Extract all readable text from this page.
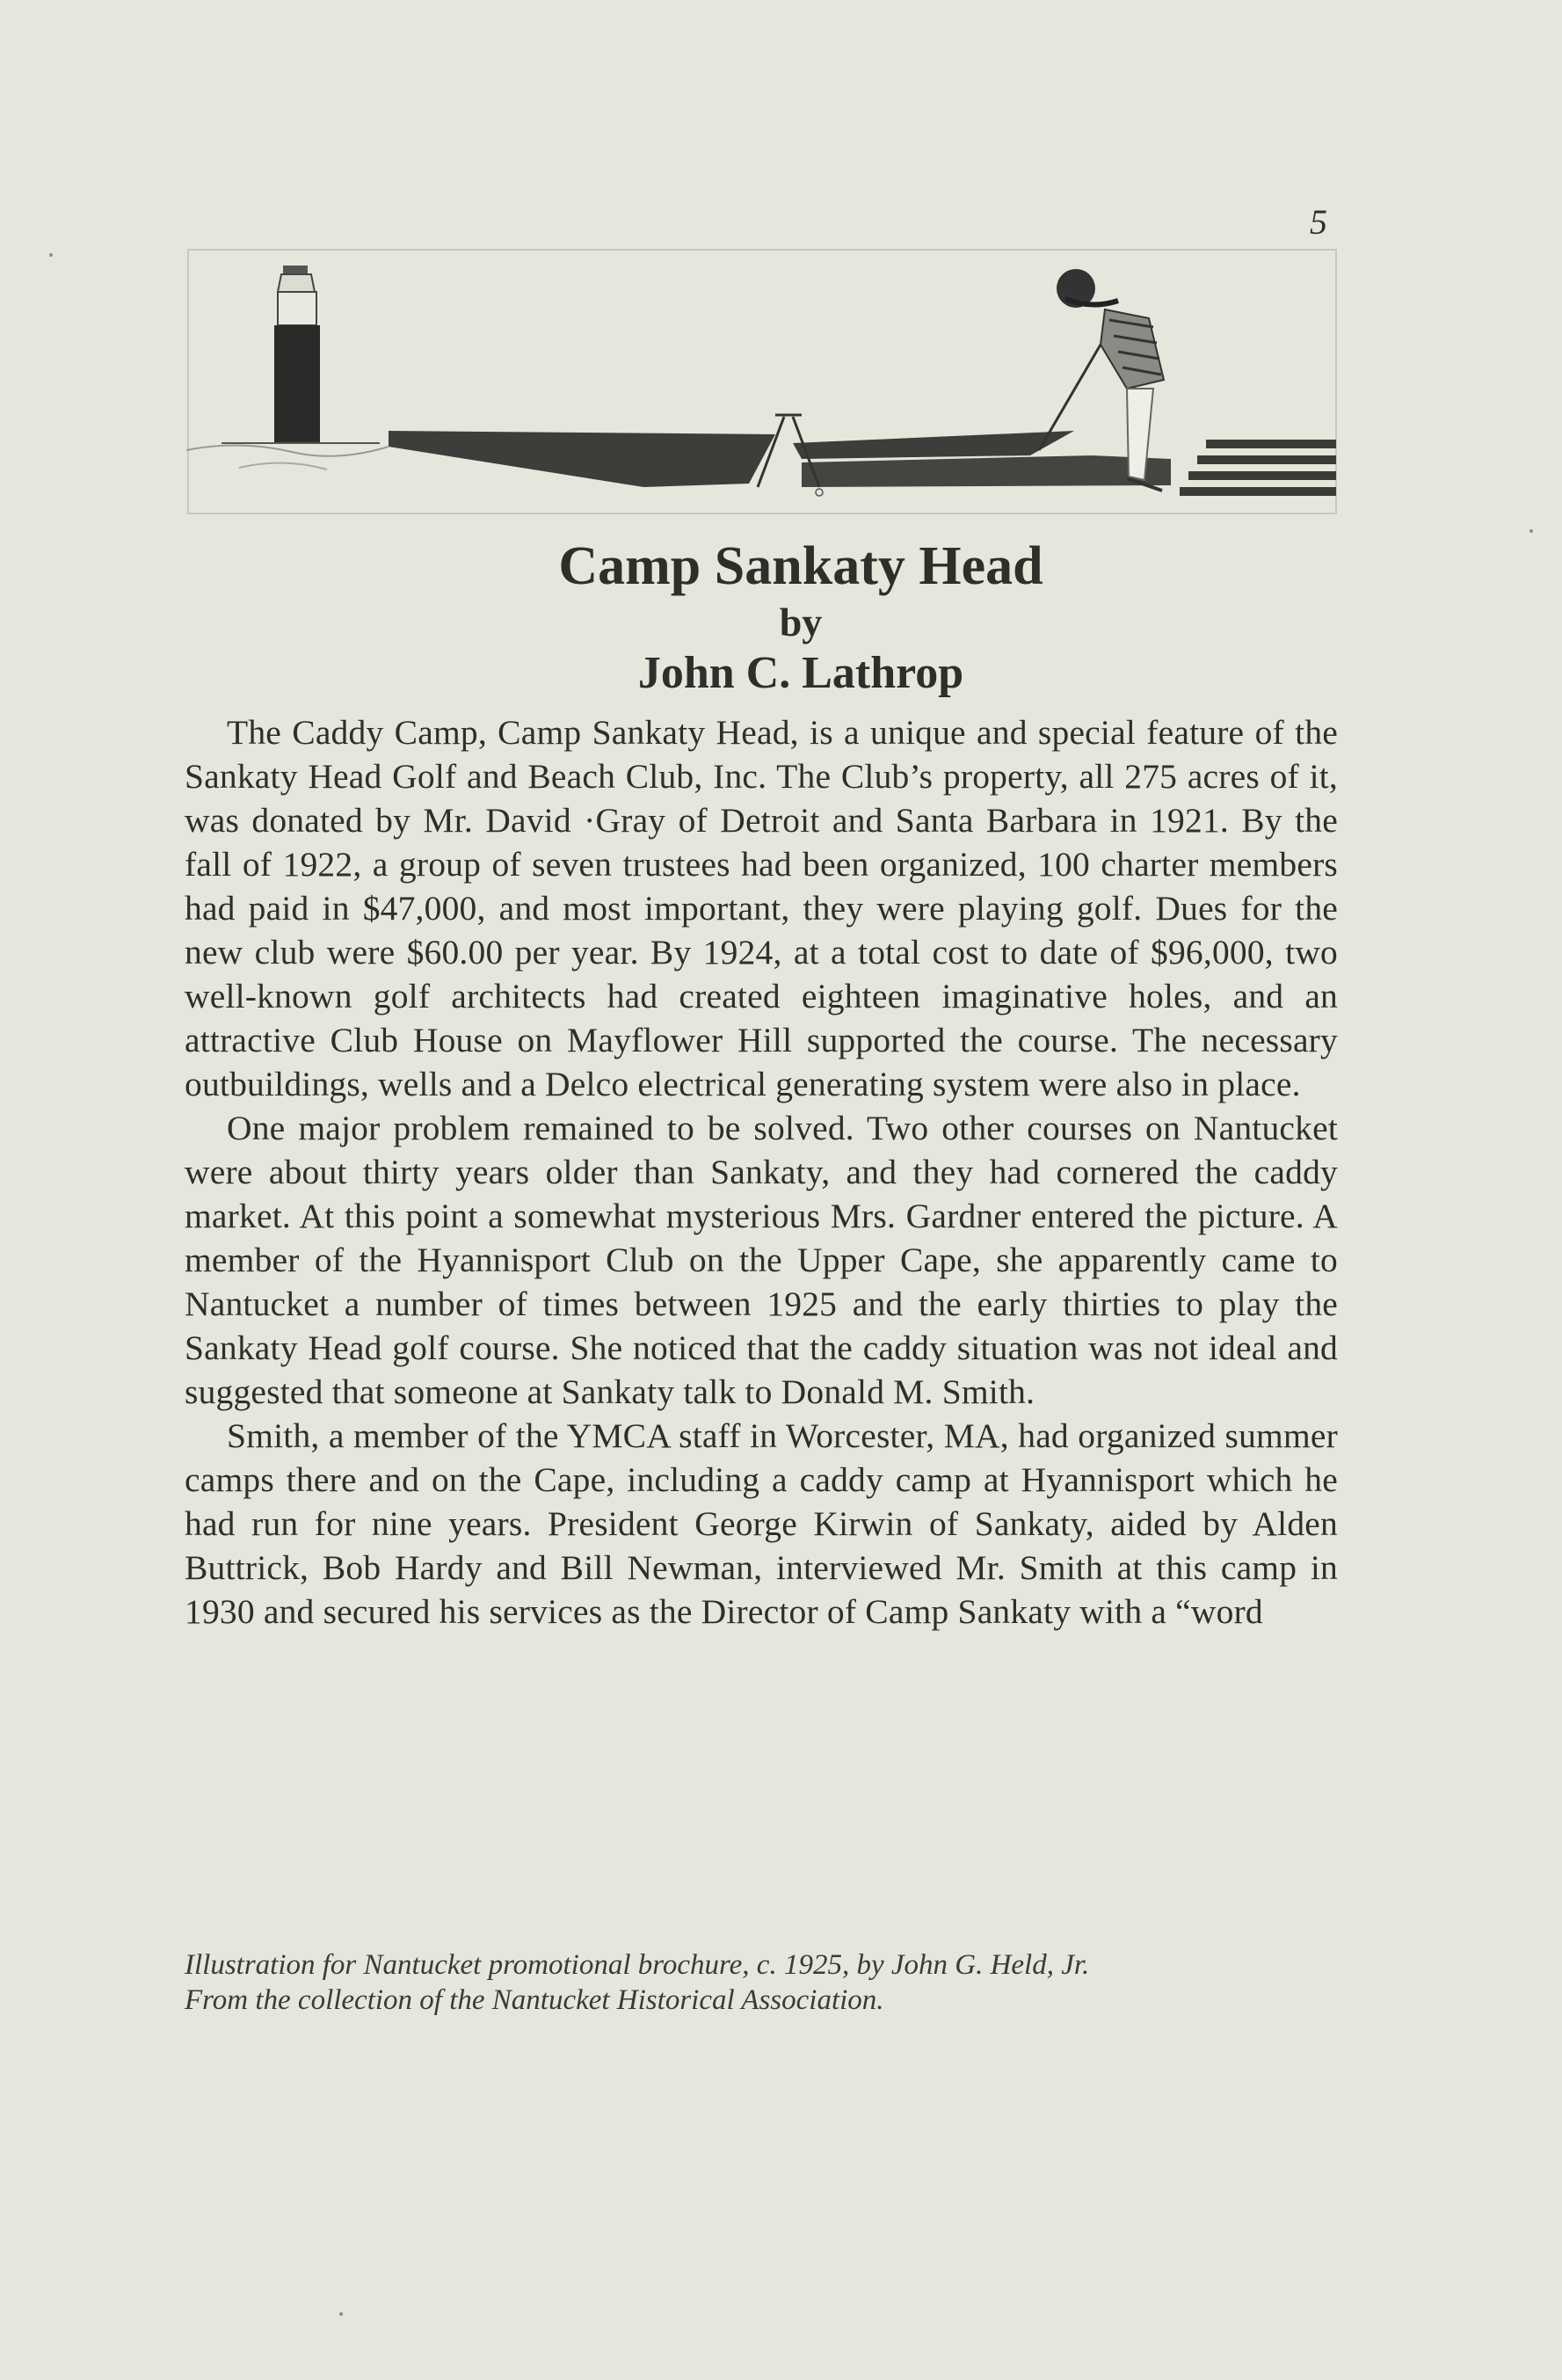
5
Camp Sankaty Head
by
John C. Lathrop

The Caddy Camp, Camp Sankaty Head, is a unique and special feature of the Sankaty Head Golf and Beach Club, Inc. The Club’s property, all 275 acres of it, was donated by Mr. David ·Gray of Detroit and Santa Barbara in 1921. By the fall of 1922, a group of seven trustees had been organized, 100 charter members had paid in $47,000, and most important, they were playing golf. Dues for the new club were $60.00 per year. By 1924, at a total cost to date of $96,000, two well-known golf architects had created eighteen imaginative holes, and an attractive Club House on Mayflower Hill supported the course. The necessary outbuildings, wells and a Delco electrical generating system were also in place.

One major problem remained to be solved. Two other courses on Nantucket were about thirty years older than Sankaty, and they had cornered the caddy market. At this point a somewhat mysterious Mrs. Gardner entered the picture. A member of the Hyannisport Club on the Upper Cape, she apparently came to Nantucket a number of times between 1925 and the early thirties to play the Sankaty Head golf course. She noticed that the caddy situation was not ideal and suggested that someone at Sankaty talk to Donald M. Smith.

Smith, a member of the YMCA staff in Worcester, MA, had organized summer camps there and on the Cape, including a caddy camp at Hyannisport which he had run for nine years. President George Kirwin of Sankaty, aided by Alden Buttrick, Bob Hardy and Bill Newman, interviewed Mr. Smith at this camp in 1930 and secured his services as the Director of Camp Sankaty with a “word

Illustration for Nantucket promotional brochure, c. 1925, by John G. Held, Jr.
From the collection of the Nantucket Historical Association.
